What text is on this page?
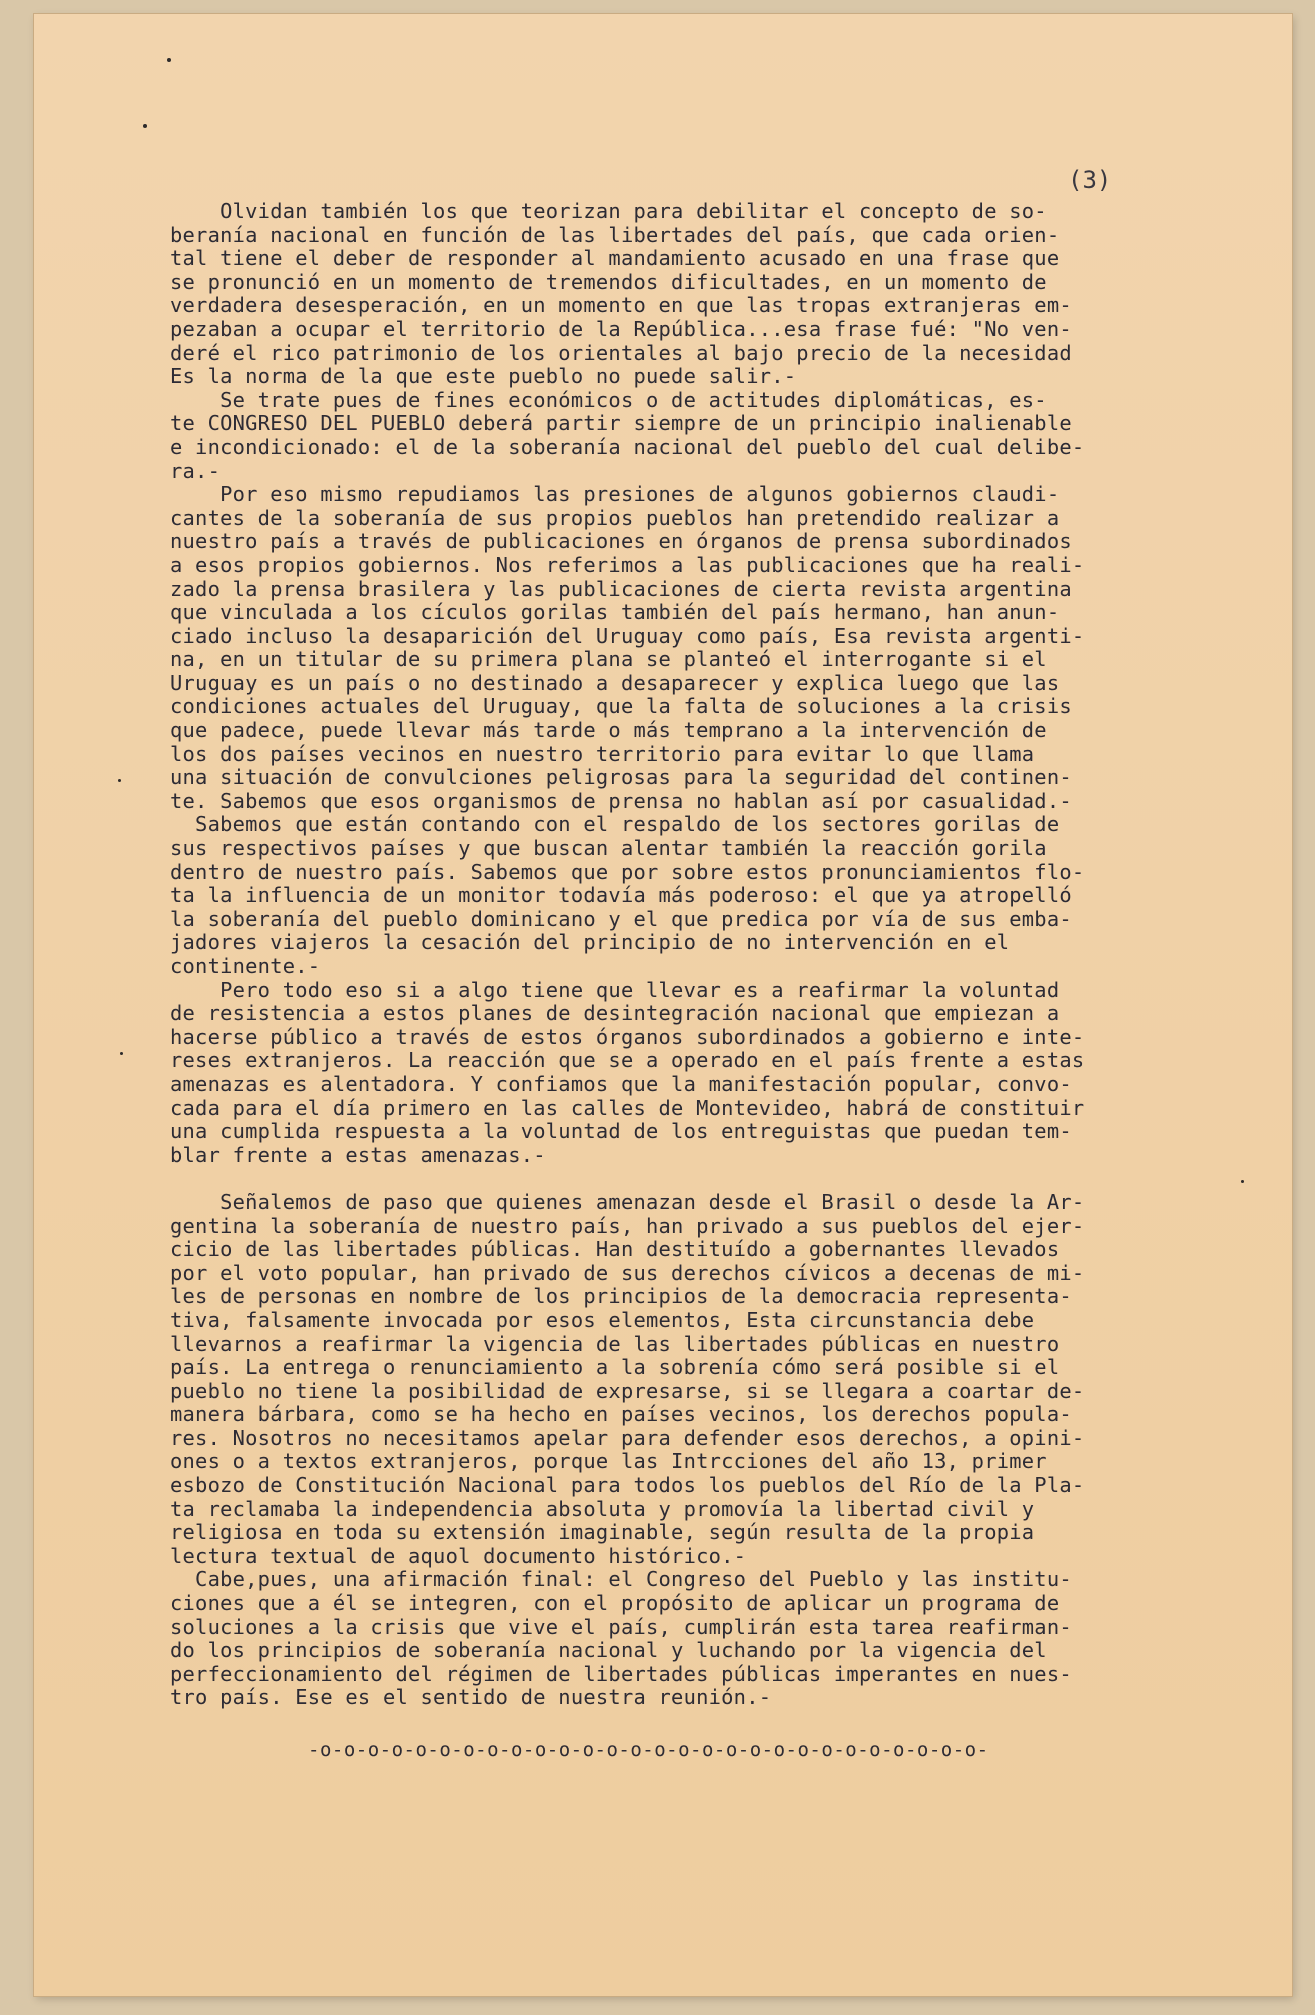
(3)
Olvidan también los que teorizan para debilitar el concepto de so-
beranía nacional en función de las libertades del país, que cada orien-
tal tiene el deber de responder al mandamiento acusado en una frase que
se pronunció en un momento de tremendos dificultades, en un momento de
verdadera desesperación, en un momento en que las tropas extranjeras em-
pezaban a ocupar el territorio de la República...esa frase fué: "No ven-
deré el rico patrimonio de los orientales al bajo precio de la necesidad
Es la norma de la que este pueblo no puede salir.-
Se trate pues de fines económicos o de actitudes diplomáticas, es-
te CONGRESO DEL PUEBLO deberá partir siempre de un principio inalienable
e incondicionado: el de la soberanía nacional del pueblo del cual delibe-
ra.-
Por eso mismo repudiamos las presiones de algunos gobiernos claudi-
cantes de la soberanía de sus propios pueblos han pretendido realizar a
nuestro país a través de publicaciones en órganos de prensa subordinados
a esos propios gobiernos. Nos referimos a las publicaciones que ha reali-
zado la prensa brasilera y las publicaciones de cierta revista argentina
que vinculada a los cículos gorilas también del país hermano, han anun-
ciado incluso la desaparición del Uruguay como país, Esa revista argenti-
na, en un titular de su primera plana se planteó el interrogante si el
Uruguay es un país o no destinado a desaparecer y explica luego que las
condiciones actuales del Uruguay, que la falta de soluciones a la crisis
que padece, puede llevar más tarde o más temprano a la intervención de
los dos países vecinos en nuestro territorio para evitar lo que llama
una situación de convulciones peligrosas para la seguridad del continen-
te. Sabemos que esos organismos de prensa no hablan así por casualidad.-
Sabemos que están contando con el respaldo de los sectores gorilas de
sus respectivos países y que buscan alentar también la reacción gorila
dentro de nuestro país. Sabemos que por sobre estos pronunciamientos flo-
ta la influencia de un monitor todavía más poderoso: el que ya atropelló
la soberanía del pueblo dominicano y el que predica por vía de sus emba-
jadores viajeros la cesación del principio de no intervención en el
continente.-
Pero todo eso si a algo tiene que llevar es a reafirmar la voluntad
de resistencia a estos planes de desintegración nacional que empiezan a
hacerse público a través de estos órganos subordinados a gobierno e inte-
reses extranjeros. La reacción que se a operado en el país frente a estas
amenazas es alentadora. Y confiamos que la manifestación popular, convo-
cada para el día primero en las calles de Montevideo, habrá de constituir
una cumplida respuesta a la voluntad de los entreguistas que puedan tem-
blar frente a estas amenazas.-

Señalemos de paso que quienes amenazan desde el Brasil o desde la Ar-
gentina la soberanía de nuestro país, han privado a sus pueblos del ejer-
cicio de las libertades públicas. Han destituído a gobernantes llevados
por el voto popular, han privado de sus derechos cívicos a decenas de mi-
les de personas en nombre de los principios de la democracia representa-
tiva, falsamente invocada por esos elementos, Esta circunstancia debe
llevarnos a reafirmar la vigencia de las libertades públicas en nuestro
país. La entrega o renunciamiento a la sobrenía cómo será posible si el
pueblo no tiene la posibilidad de expresarse, si se llegara a coartar de-
manera bárbara, como se ha hecho en países vecinos, los derechos popula-
res. Nosotros no necesitamos apelar para defender esos derechos, a opini-
ones o a textos extranjeros, porque las Intrcciones del año 13, primer
esbozo de Constitución Nacional para todos los pueblos del Río de la Pla-
ta reclamaba la independencia absoluta y promovía la libertad civil y
religiosa en toda su extensión imaginable, según resulta de la propia
lectura textual de aquol documento histórico.-
Cabe,pues, una afirmación final: el Congreso del Pueblo y las institu-
ciones que a él se integren, con el propósito de aplicar un programa de
soluciones a la crisis que vive el país, cumplirán esta tarea reafirman-
do los principios de soberanía nacional y luchando por la vigencia del
perfeccionamiento del régimen de libertades públicas imperantes en nues-
tro país. Ese es el sentido de nuestra reunión.-

-o-o-o-o-o-o-o-o-o-o-o-o-o-o-o-o-o-o-o-o-o-o-o-o-o-o-o-o-
